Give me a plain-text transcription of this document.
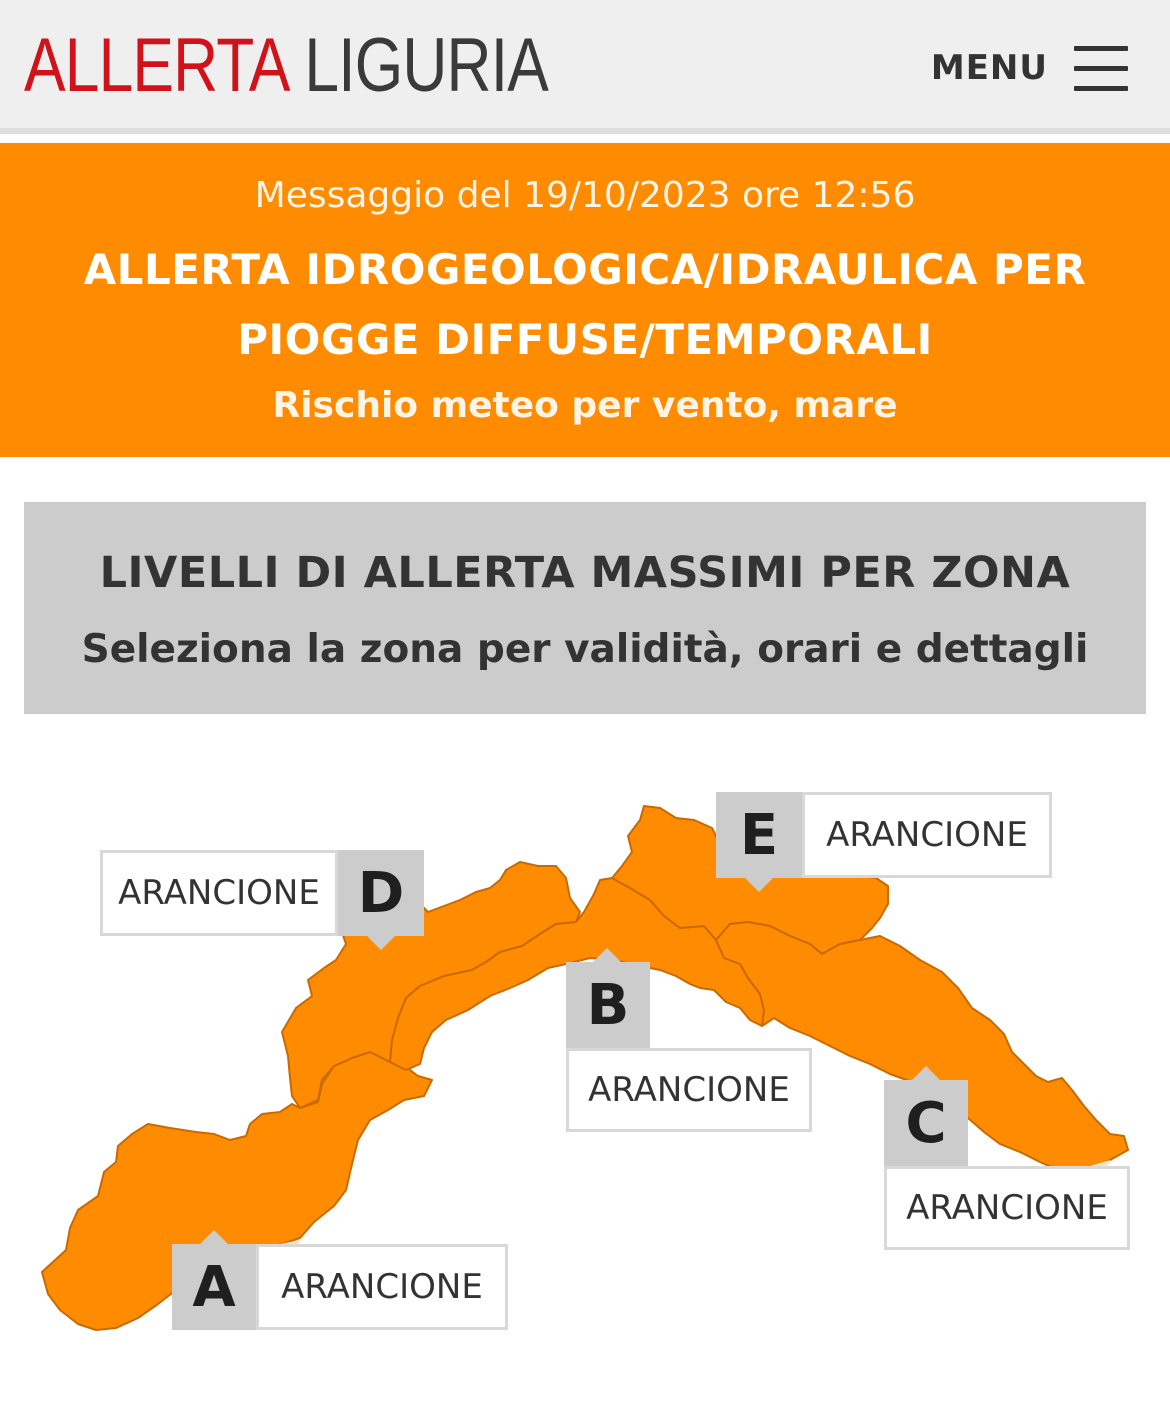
ALLERTA LIGURIA	MENU
Messaggio del 19/10/2023 ore 12:56
ALLERTA IDROGEOLOGICA/IDRAULICA PER PIOGGE DIFFUSE/TEMPORALI
Rischio meteo per vento, mare
LIVELLI DI ALLERTA MASSIMI PER ZONA
Seleziona la zona per validità, orari e dettagli
ARANCIONE D
E	ARANCIONE
B
ARANCIONE
C
ARANCIONE
A	ARANCIONE
